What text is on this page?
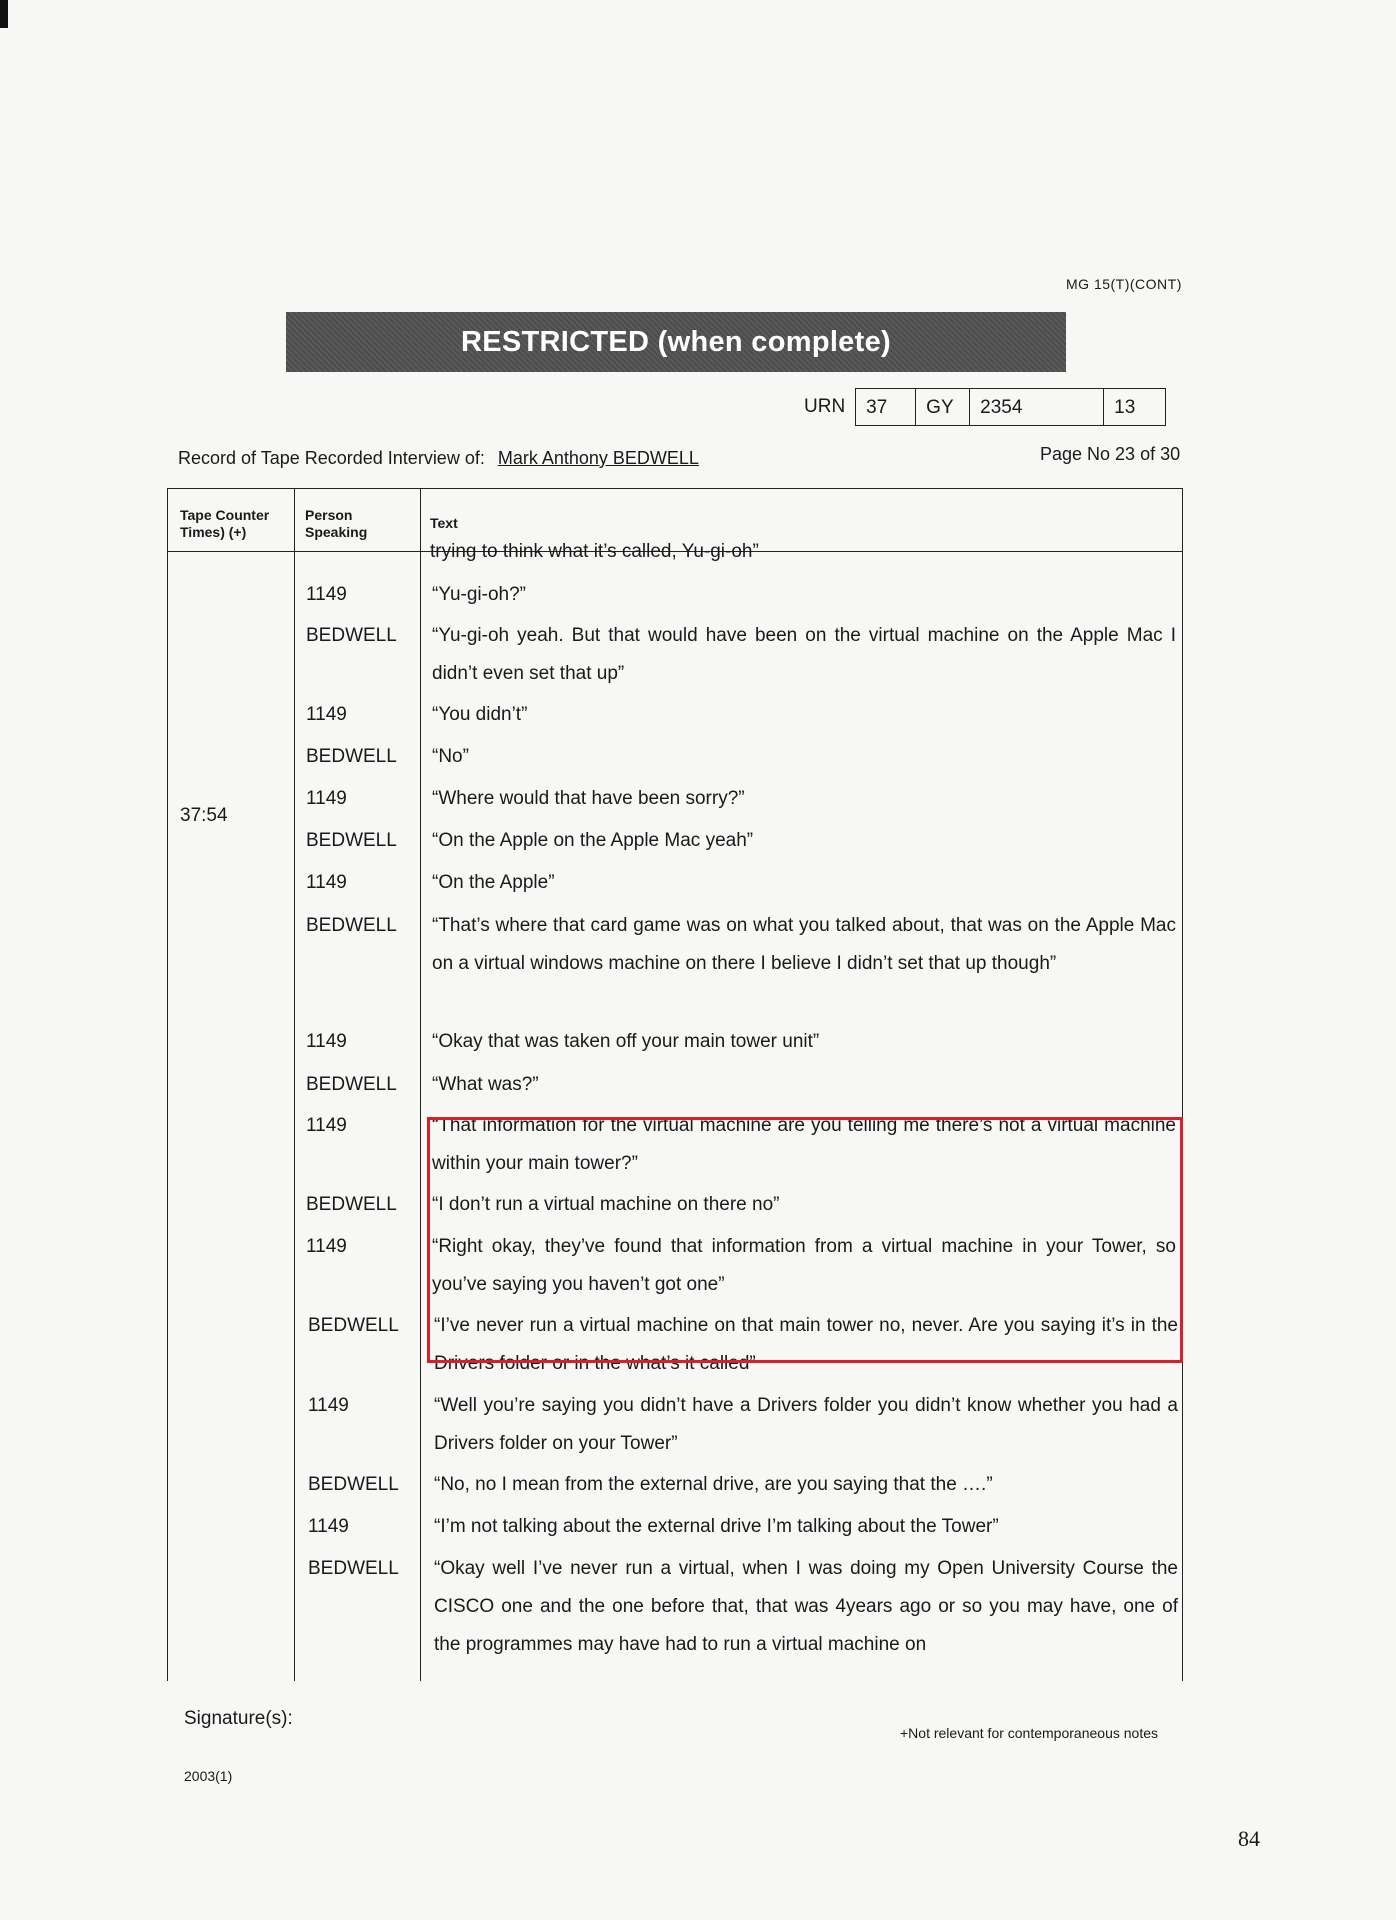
MG 15(T)(CONT)
RESTRICTED (when complete)
URN	37	GY	2354	13
Record of Tape Recorded Interview of: Mark Anthony BEDWELL	Page No 23 of 30
Tape Counter Times) (+)
Person Speaking
Text
37:54
trying to think what it’s called, Yu-gi-oh”
1149	“Yu-gi-oh?”
BEDWELL “Yu-gi-oh yeah. But that would have been on the virtual machine on the Apple Mac I didn’t even set that up”
1149	“You didn’t”
BEDWELL “No”
1149	“Where would that have been sorry?”
BEDWELL “On the Apple on the Apple Mac yeah”
1149	“On the Apple”
BEDWELL “That’s where that card game was on what you talked about, that was on the Apple Mac on a virtual windows machine on there I believe I didn’t set that up though”
1149	“Okay that was taken off your main tower unit”
BEDWELL “What was?”
1149	“That information for the virtual machine are you telling me there’s not a virtual machine within your main tower?”
BEDWELL “I don’t run a virtual machine on there no”
1149	“Right okay, they’ve found that information from a virtual machine in your Tower, so you’ve saying you haven’t got one”
BEDWELL “I’ve never run a virtual machine on that main tower no, never. Are you saying it’s in the Drivers folder or in the what’s it called”
1149	“Well you’re saying you didn’t have a Drivers folder you didn’t know whether you had a Drivers folder on your Tower”
BEDWELL “No, no I mean from the external drive, are you saying that the ….”
1149	“I’m not talking about the external drive I’m talking about the Tower”
BEDWELL “Okay well I’ve never run a virtual, when I was doing my Open University Course the CISCO one and the one before that, that was 4years ago or so you may have, one of the programmes may have had to run a virtual machine on
Signature(s):
+Not relevant for contemporaneous notes
2003(1)
84
